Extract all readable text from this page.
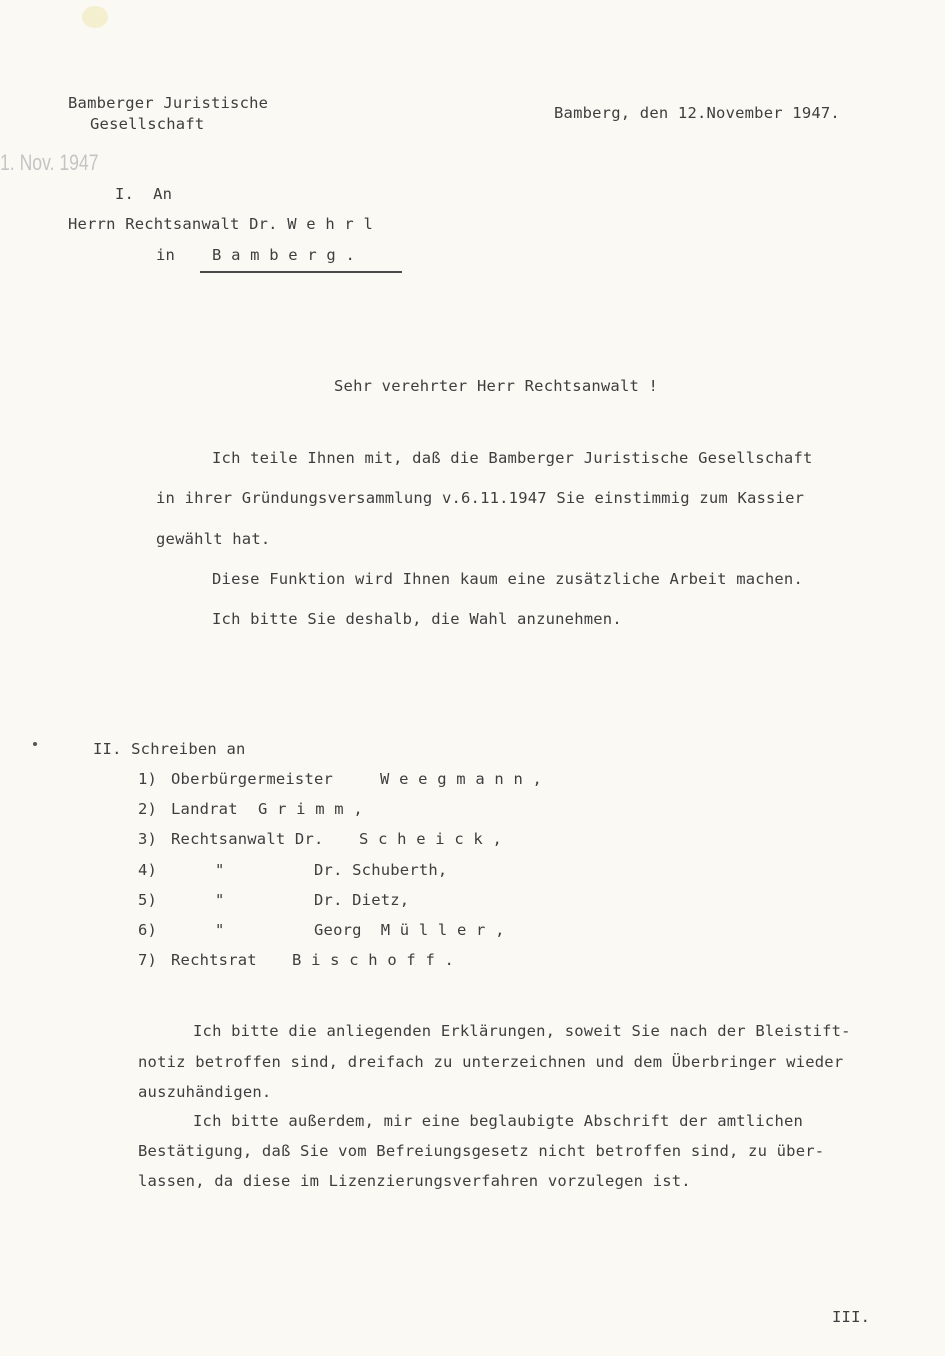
1. Nov. 1947
Bamberger Juristische
Gesellschaft
Bamberg, den 12.November 1947.
I.  An
Herrn Rechtsanwalt Dr. W e h r l
in B a m b e r g .
Sehr verehrter Herr Rechtsanwalt !
Ich teile Ihnen mit, daß die Bamberger Juristische Gesellschaft
in ihrer Gründungsversammlung v.6.11.1947 Sie einstimmig zum Kassier
gewählt hat.
Diese Funktion wird Ihnen kaum eine zusätzliche Arbeit machen.
Ich bitte Sie deshalb, die Wahl anzunehmen.
II. Schreiben an
1) Oberbürgermeister	W e e g m a n n ,
2) Landrat G r i m m ,
3) Rechtsanwalt Dr. S c h e i c k ,
4)	"	Dr. Schuberth,
5)	"	Dr. Dietz,
6)	"	Georg  M ü l l e r ,
7) Rechtsrat B i s c h o f f .
Ich bitte die anliegenden Erklärungen, soweit Sie nach der Bleistift-
notiz betroffen sind, dreifach zu unterzeichnen und dem Überbringer wieder
auszuhändigen.
Ich bitte außerdem, mir eine beglaubigte Abschrift der amtlichen
Bestätigung, daß Sie vom Befreiungsgesetz nicht betroffen sind, zu über-
lassen, da diese im Lizenzierungsverfahren vorzulegen ist.
III.
